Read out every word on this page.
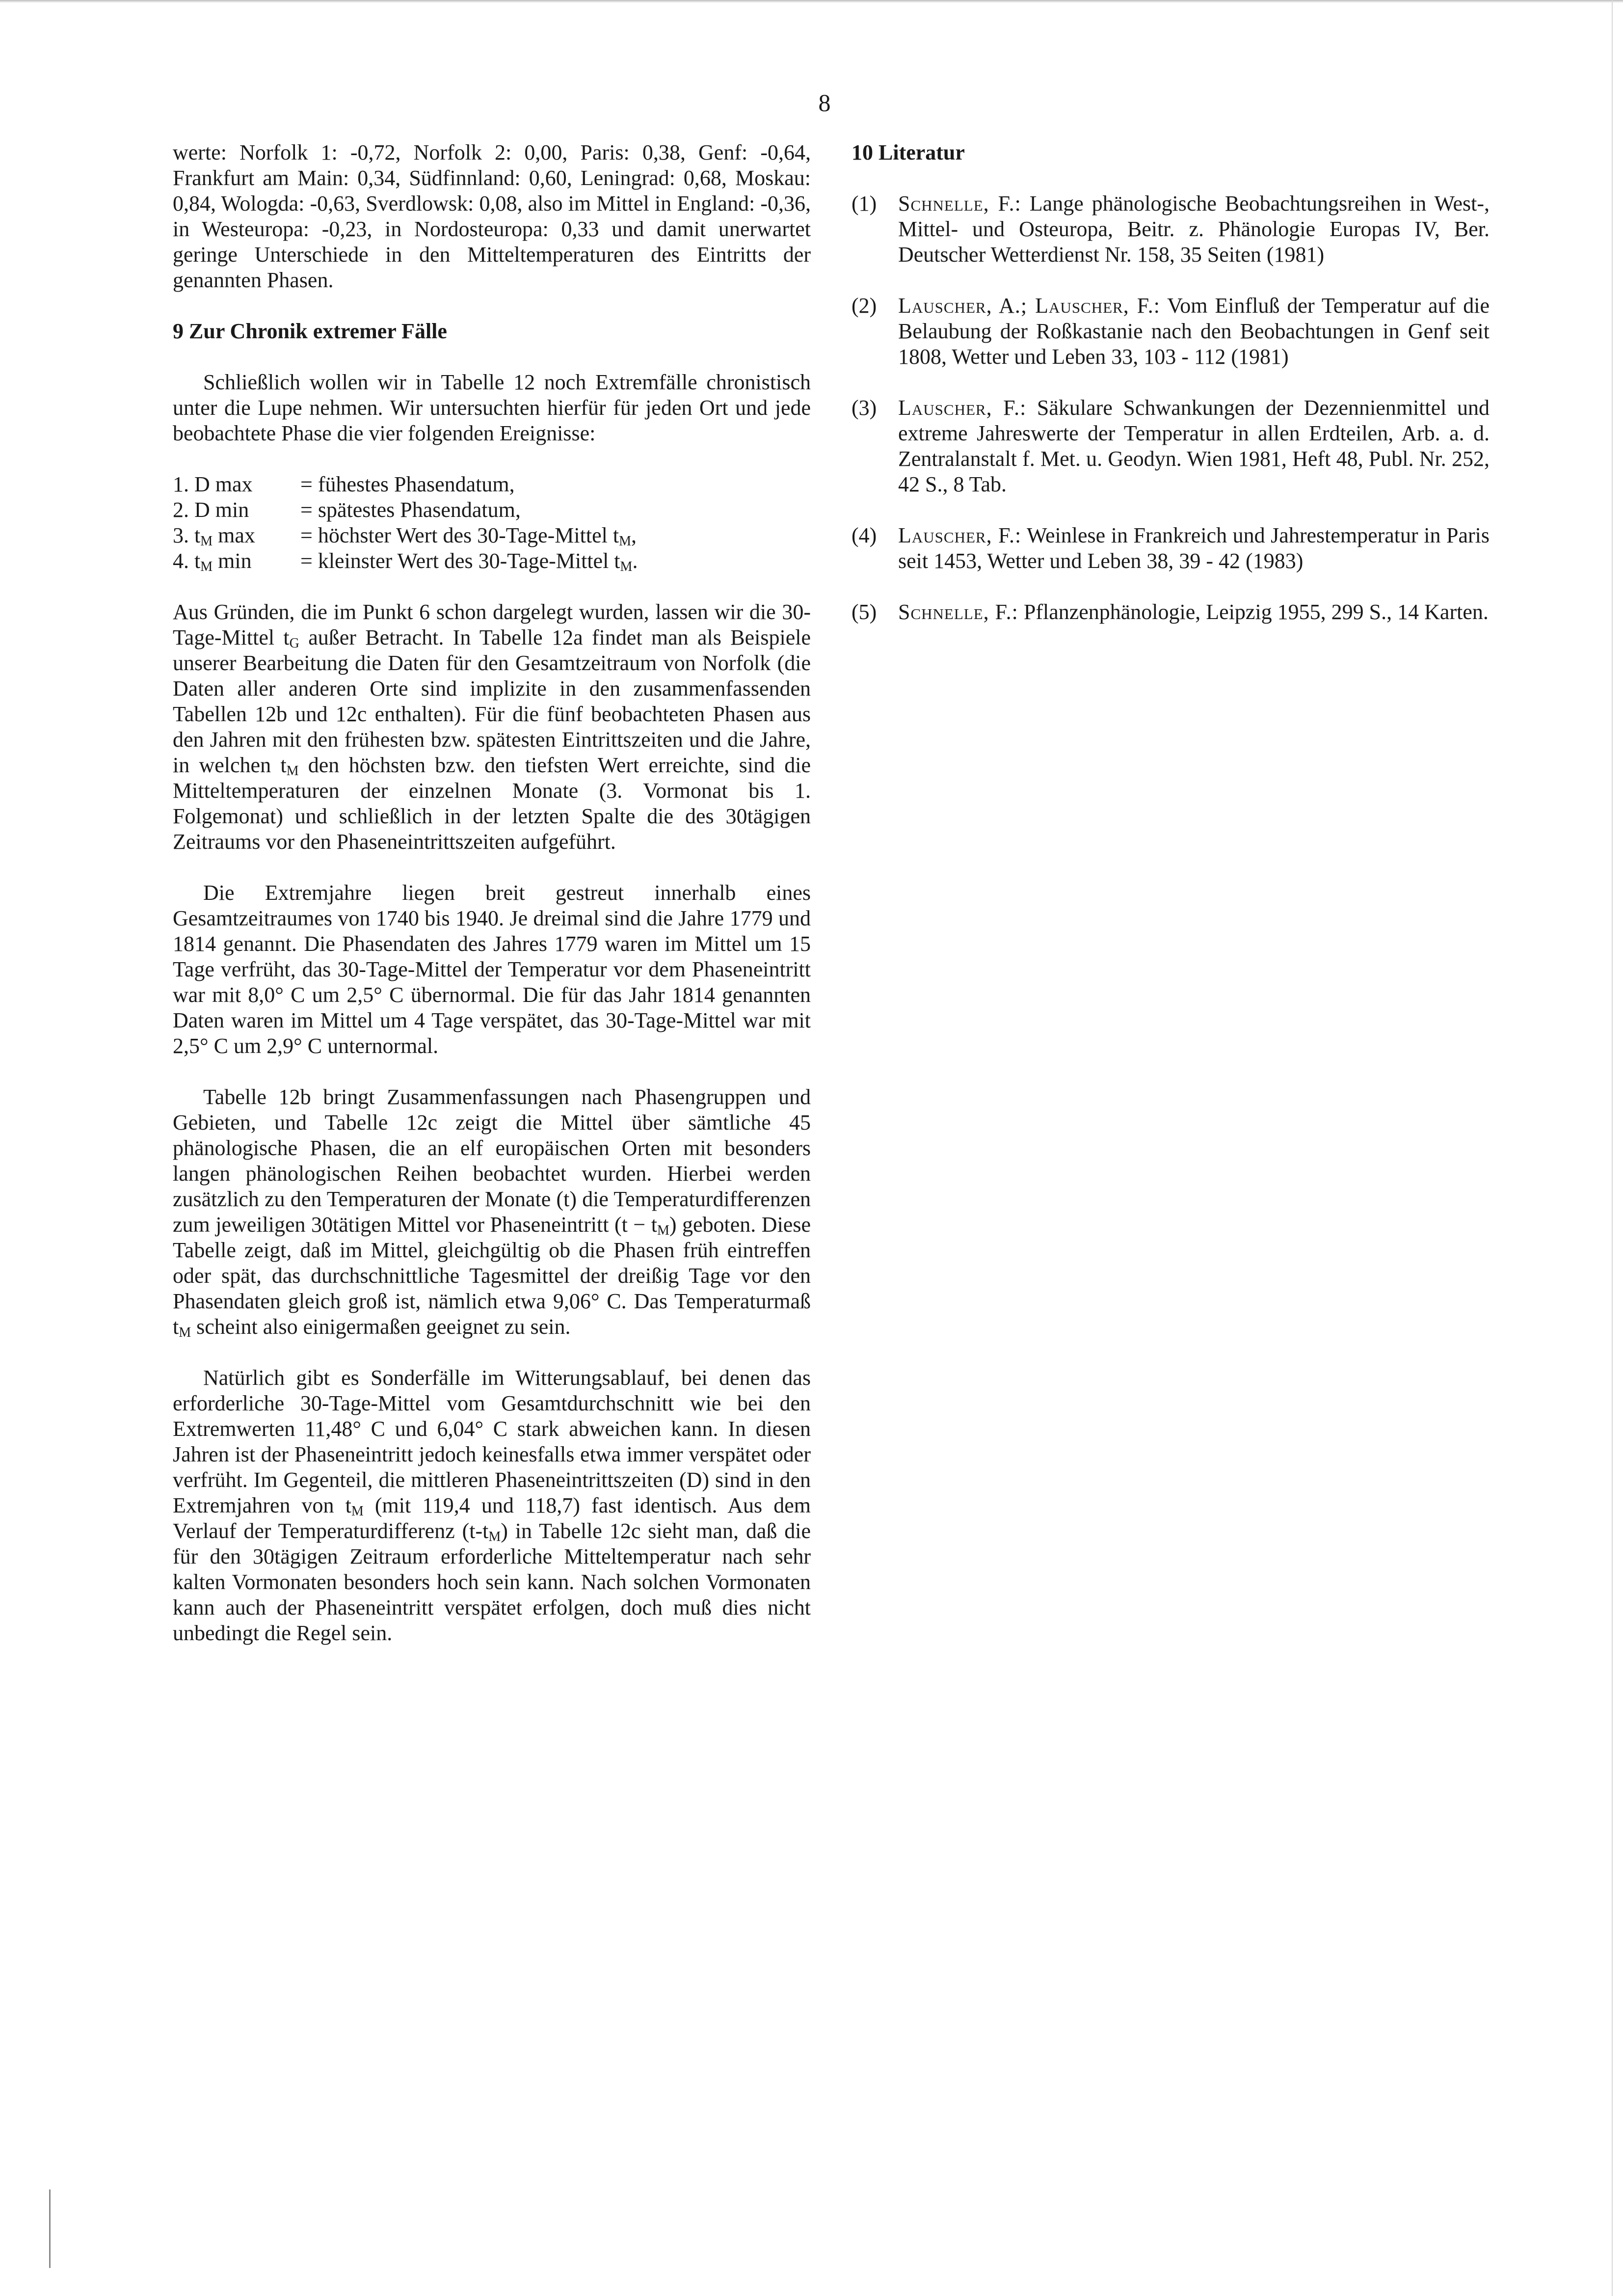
8

werte: Norfolk 1: -0,72, Norfolk 2: 0,00, Paris: 0,38, Genf: -0,64, Frankfurt am Main: 0,34, Südfinnland: 0,60, Leningrad: 0,68, Moskau: 0,84, Wologda: -0,63, Sverdlowsk: 0,08, also im Mittel in England: -0,36, in Westeuropa: -0,23, in Nordosteuropa: 0,33 und damit unerwartet geringe Unterschiede in den Mitteltemperaturen des Eintritts der genannten Phasen.

9 Zur Chronik extremer Fälle

Schließlich wollen wir in Tabelle 12 noch Extremfälle chronistisch unter die Lupe nehmen. Wir untersuchten hierfür für jeden Ort und jede beobachtete Phase die vier folgenden Ereignisse:

1. D max = fühestes Phasendatum,
2. D min = spätestes Phasendatum,
3. $t_M$ max = höchster Wert des 30-Tage-Mittel $t_M$,
4. $t_M$ min = kleinster Wert des 30-Tage-Mittel $t_M$.

Aus Gründen, die im Punkt 6 schon dargelegt wurden, lassen wir die 30-Tage-Mittel $t_G$ außer Betracht. In Tabelle 12a findet man als Beispiele unserer Bearbeitung die Daten für den Gesamtzeitraum von Norfolk (die Daten aller anderen Orte sind implizite in den zusammenfassenden Tabellen 12b und 12c enthalten). Für die fünf beobachteten Phasen aus den Jahren mit den frühesten bzw. spätesten Eintrittszeiten und die Jahre, in welchen $t_M$ den höchsten bzw. den tiefsten Wert erreichte, sind die Mitteltemperaturen der einzelnen Monate (3. Vormonat bis 1. Folgemonat) und schließlich in der letzten Spalte die des 30tägigen Zeitraums vor den Phaseneintrittszeiten aufgeführt.

Die Extremjahre liegen breit gestreut innerhalb eines Gesamtzeitraumes von 1740 bis 1940. Je dreimal sind die Jahre 1779 und 1814 genannt. Die Phasendaten des Jahres 1779 waren im Mittel um 15 Tage verfrüht, das 30-Tage-Mittel der Temperatur vor dem Phaseneintritt war mit 8,0° C um 2,5° C übernormal. Die für das Jahr 1814 genannten Daten waren im Mittel um 4 Tage verspätet, das 30-Tage-Mittel war mit 2,5° C um 2,9° C unternormal.

Tabelle 12b bringt Zusammenfassungen nach Phasengruppen und Gebieten, und Tabelle 12c zeigt die Mittel über sämtliche 45 phänologische Phasen, die an elf europäischen Orten mit besonders langen phänologischen Reihen beobachtet wurden. Hierbei werden zusätzlich zu den Temperaturen der Monate (t) die Temperaturdifferenzen zum jeweiligen 30tätigen Mittel vor Phaseneintritt $(t - t_M)$ geboten. Diese Tabelle zeigt, daß im Mittel, gleichgültig ob die Phasen früh eintreffen oder spät, das durchschnittliche Tagesmittel der dreißig Tage vor den Phasendaten gleich groß ist, nämlich etwa 9,06° C. Das Temperaturmaß $t_M$ scheint also einigermaßen geeignet zu sein.

Natürlich gibt es Sonderfälle im Witterungsablauf, bei denen das erforderliche 30-Tage-Mittel vom Gesamtdurchschnitt wie bei den Extremwerten 11,48° C und 6,04° C stark abweichen kann. In diesen Jahren ist der Phaseneintritt jedoch keinesfalls etwa immer verspätet oder verfrüht. Im Gegenteil, die mittleren Phaseneintrittszeiten (D) sind in den Extremjahren von $t_M$ (mit 119,4 und 118,7) fast identisch. Aus dem Verlauf der Temperaturdifferenz $(t-t_M)$ in Tabelle 12c sieht man, daß die für den 30tägigen Zeitraum erforderliche Mitteltemperatur nach sehr kalten Vormonaten besonders hoch sein kann. Nach solchen Vormonaten kann auch der Phaseneintritt verspätet erfolgen, doch muß dies nicht unbedingt die Regel sein.

10 Literatur

(1) Schnelle, F.: Lange phänologische Beobachtungsreihen in West-, Mittel- und Osteuropa, Beitr. z. Phänologie Europas IV, Ber. Deutscher Wetterdienst Nr. 158, 35 Seiten (1981)

(2) Lauscher, A.; Lauscher, F.: Vom Einfluß der Temperatur auf die Belaubung der Roßkastanie nach den Beobachtungen in Genf seit 1808, Wetter und Leben 33, 103 - 112 (1981)

(3) Lauscher, F.: Säkulare Schwankungen der Dezennienmittel und extreme Jahreswerte der Temperatur in allen Erdteilen, Arb. a. d. Zentralanstalt f. Met. u. Geodyn. Wien 1981, Heft 48, Publ. Nr. 252, 42 S., 8 Tab.

(4) Lauscher, F.: Weinlese in Frankreich und Jahrestemperatur in Paris seit 1453, Wetter und Leben 38, 39 - 42 (1983)

(5) Schnelle, F.: Pflanzenphänologie, Leipzig 1955, 299 S., 14 Karten.
